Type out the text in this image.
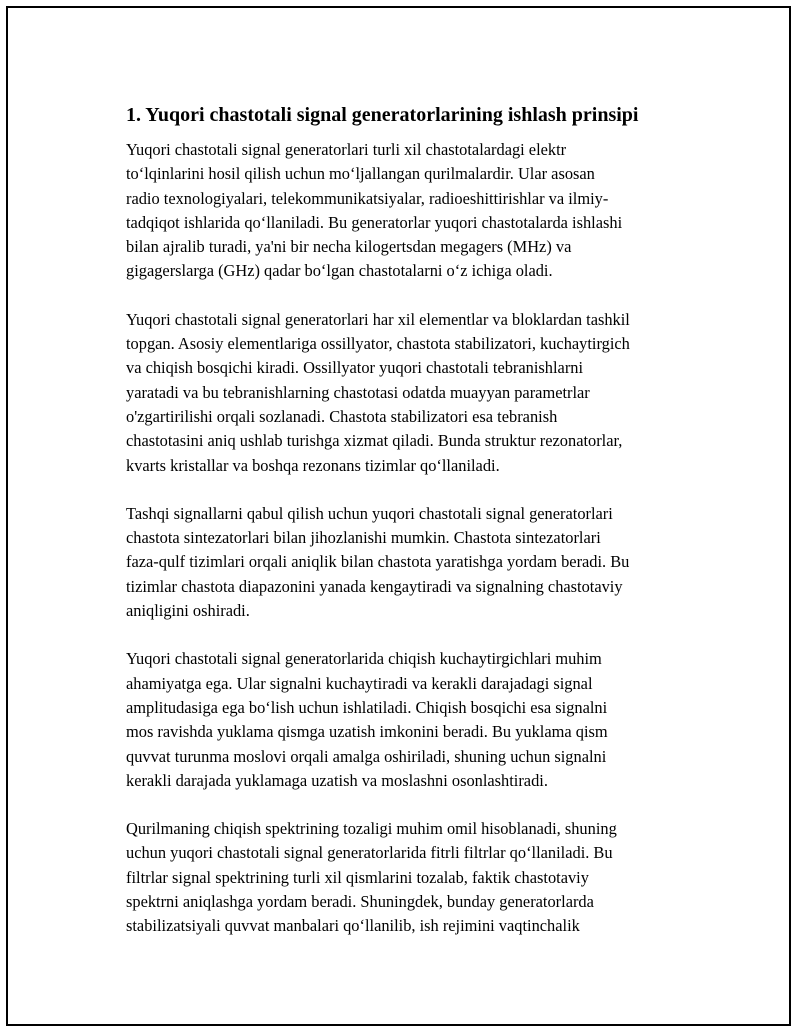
1. Yuqori chastotali signal generatorlarining ishlash prinsipi
Yuqori chastotali signal generatorlari turli xil chastotalardagi elektr
to‘lqinlarini hosil qilish uchun mo‘ljallangan qurilmalardir. Ular asosan
radio texnologiyalari, telekommunikatsiyalar, radioeshittirishlar va ilmiy-
tadqiqot ishlarida qo‘llaniladi. Bu generatorlar yuqori chastotalarda ishlashi
bilan ajralib turadi, ya'ni bir necha kilogertsdan megagers (MHz) va
gigagerslarga (GHz) qadar bo‘lgan chastotalarni o‘z ichiga oladi.
Yuqori chastotali signal generatorlari har xil elementlar va bloklardan tashkil
topgan. Asosiy elementlariga ossillyator, chastota stabilizatori, kuchaytirgich
va chiqish bosqichi kiradi. Ossillyator yuqori chastotali tebranishlarni
yaratadi va bu tebranishlarning chastotasi odatda muayyan parametrlar
o'zgartirilishi orqali sozlanadi. Chastota stabilizatori esa tebranish
chastotasini aniq ushlab turishga xizmat qiladi. Bunda struktur rezonatorlar,
kvarts kristallar va boshqa rezonans tizimlar qo‘llaniladi.
Tashqi signallarni qabul qilish uchun yuqori chastotali signal generatorlari
chastota sintezatorlari bilan jihozlanishi mumkin. Chastota sintezatorlari
faza-qulf tizimlari orqali aniqlik bilan chastota yaratishga yordam beradi. Bu
tizimlar chastota diapazonini yanada kengaytiradi va signalning chastotaviy
aniqligini oshiradi.
Yuqori chastotali signal generatorlarida chiqish kuchaytirgichlari muhim
ahamiyatga ega. Ular signalni kuchaytiradi va kerakli darajadagi signal
amplitudasiga ega bo‘lish uchun ishlatiladi. Chiqish bosqichi esa signalni
mos ravishda yuklama qismga uzatish imkonini beradi. Bu yuklama qism
quvvat turunma moslovi orqali amalga oshiriladi, shuning uchun signalni
kerakli darajada yuklamaga uzatish va moslashni osonlashtiradi.
Qurilmaning chiqish spektrining tozaligi muhim omil hisoblanadi, shuning
uchun yuqori chastotali signal generatorlarida fitrli filtrlar qo‘llaniladi. Bu
filtrlar signal spektrining turli xil qismlarini tozalab, faktik chastotaviy
spektrni aniqlashga yordam beradi. Shuningdek, bunday generatorlarda
stabilizatsiyali quvvat manbalari qo‘llanilib, ish rejimini vaqtinchalik
